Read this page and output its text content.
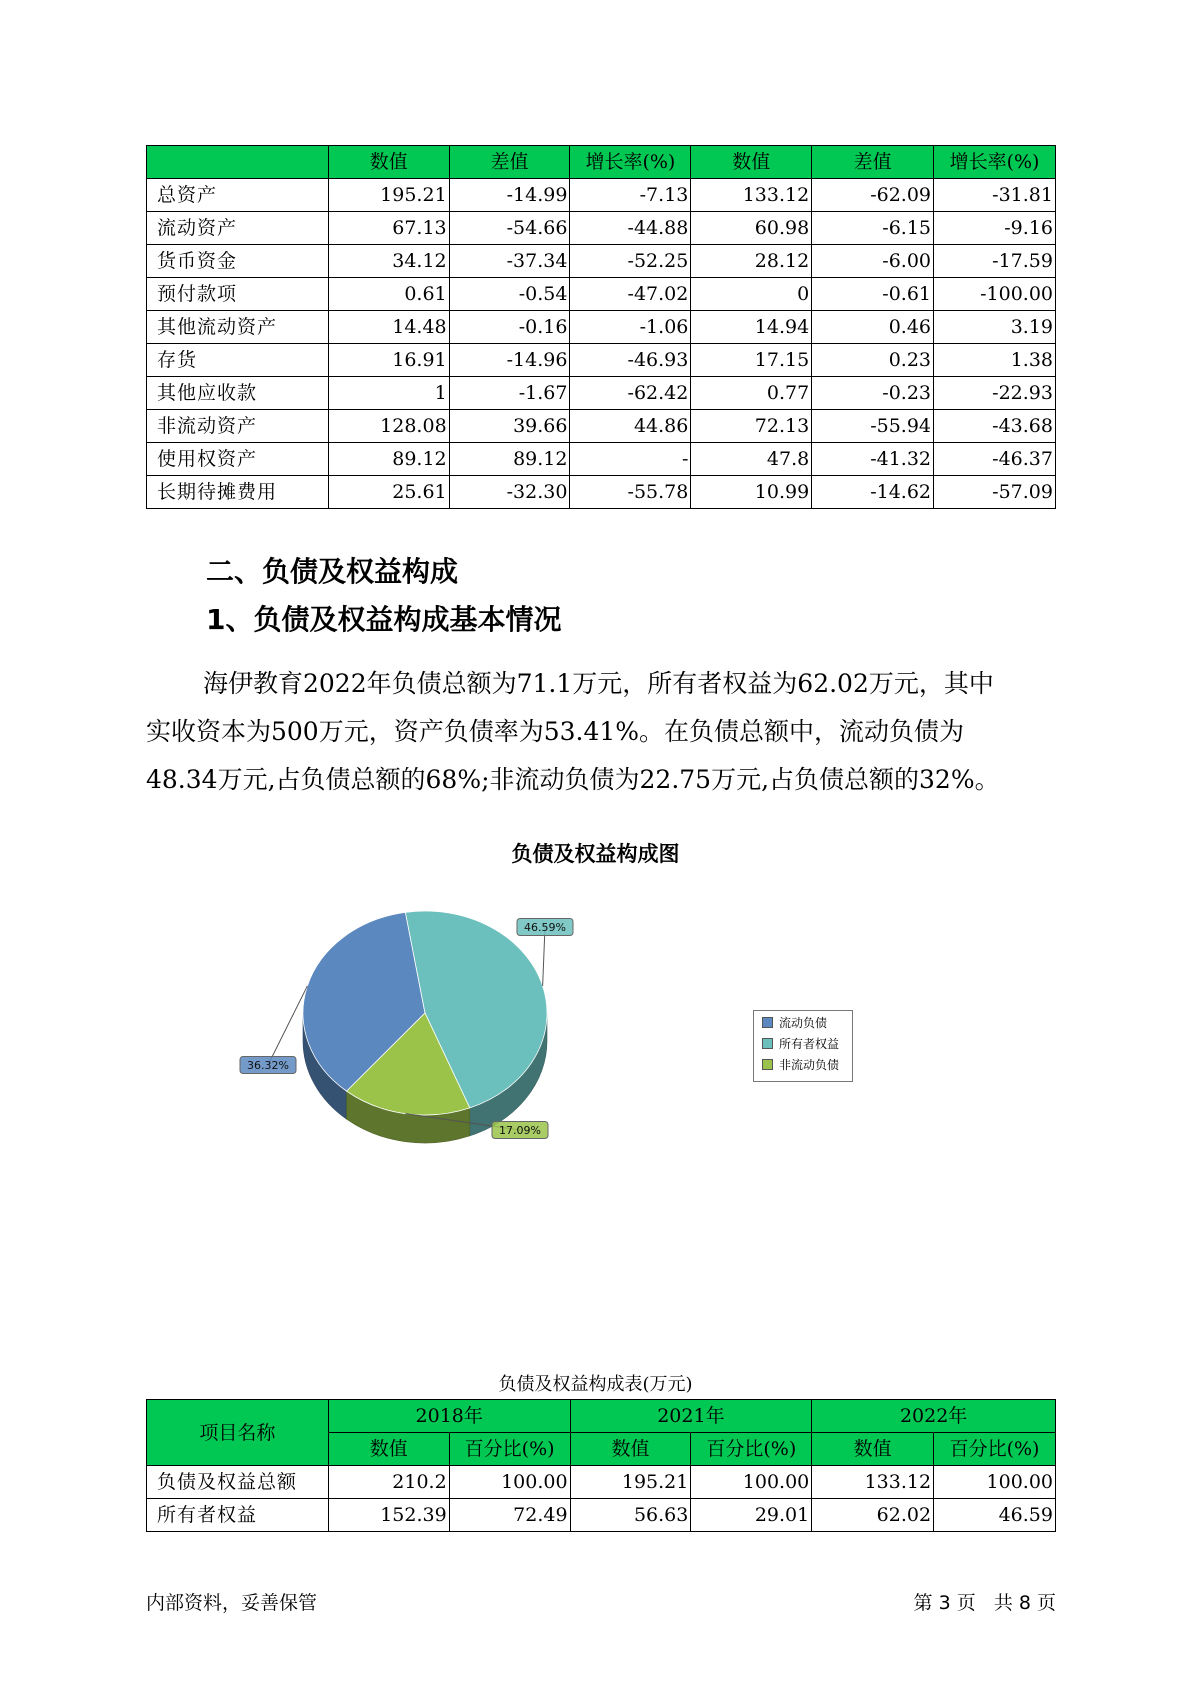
	数值	差值	增长率(%)	数值	差值	增长率(%)
总资产	195.21	-14.99	-7.13	133.12	-62.09	-31.81
流动资产	67.13	-54.66	-44.88	60.98	-6.15	-9.16
货币资金	34.12	-37.34	-52.25	28.12	-6.00	-17.59
预付款项	0.61	-0.54	-47.02	0	-0.61	-100.00
其他流动资产	14.48	-0.16	-1.06	14.94	0.46	3.19
存货	16.91	-14.96	-46.93	17.15	0.23	1.38
其他应收款	1	-1.67	-62.42	0.77	-0.23	-22.93
非流动资产	128.08	39.66	44.86	72.13	-55.94	-43.68
使用权资产	89.12	89.12	-	47.8	-41.32	-46.37
长期待摊费用	25.61	-32.30	-55.78	10.99	-14.62	-57.09
二、负债及权益构成
1、负债及权益构成基本情况
海伊教育2022年负债总额为71.1万元，所有者权益为62.02万元，其中
实收资本为500万元，资产负债率为53.41%。在负债总额中，流动负债为
48.34万元,占负债总额的68%;非流动负债为22.75万元,占负债总额的32%。
负债及权益构成图
36.32%
46.59%
17.09%
流动负债
所有者权益
非流动负债
负债及权益构成表(万元)
项目名称	2018年		2021年		2022年	
	数值	百分比(%)	数值	百分比(%)	数值	百分比(%)
负债及权益总额	210.2	100.00	195.21	100.00	133.12	100.00
所有者权益	152.39	72.49	56.63	29.01	62.02	46.59
内部资料，妥善保管	第 3 页   共 8 页
